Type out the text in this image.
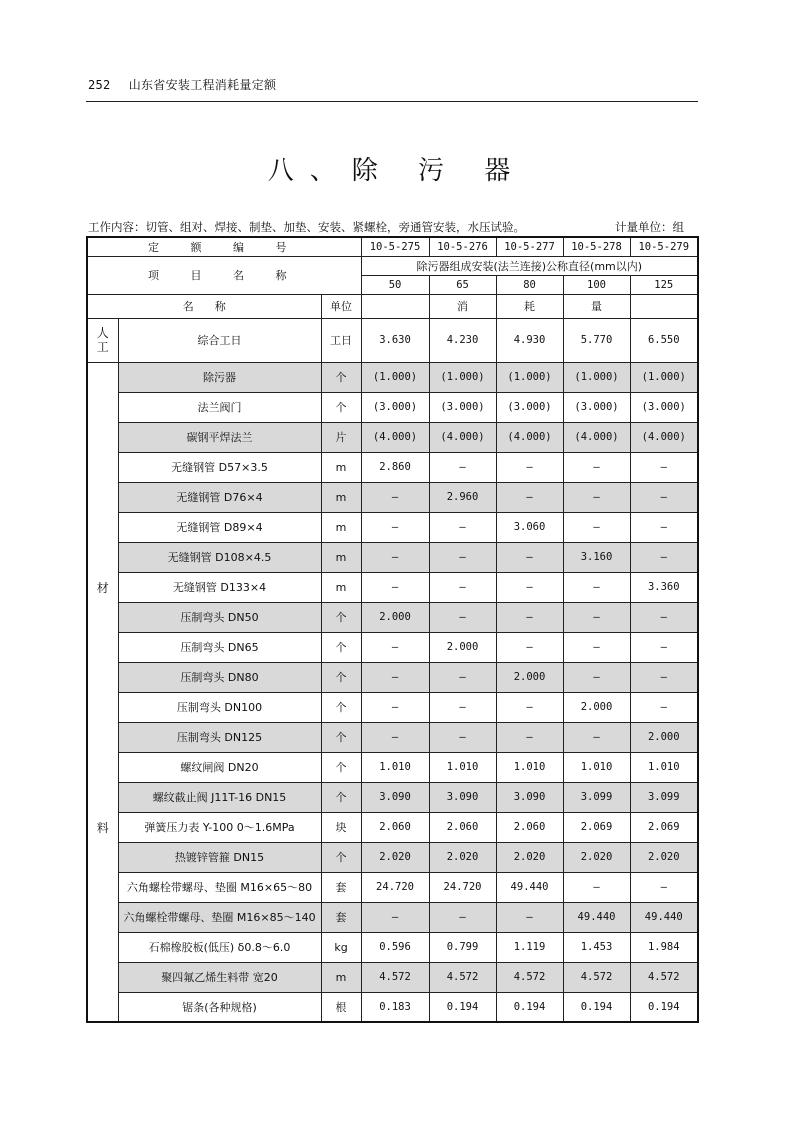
252 山东省安装工程消耗量定额
八、除 污 器
工作内容：切管、组对、焊接、制垫、加垫、安装、紧螺栓，旁通管安装，水压试验。	计量单位：组
定 额 编 号			10-5-275	10-5-276	10-5-277	10-5-278	10-5-279
项 目 名 称			除污器组成安装(法兰连接)公称直径(mm以内)				
			50	65	80	100	125
名      称		单位		消	耗	量	

人
工	综合工日	工日	3.630	4.230	4.930	5.770	6.550

材
料	除污器	个	(1.000)	(1.000)	(1.000)	(1.000)	(1.000)
	法兰阀门	个	(3.000)	(3.000)	(3.000)	(3.000)	(3.000)
	碳钢平焊法兰	片	(4.000)	(4.000)	(4.000)	(4.000)	(4.000)
	无缝钢管 D57×3.5	m	2.860	—	—	—	—
	无缝钢管 D76×4	m	—	2.960	—	—	—
	无缝钢管 D89×4	m	—	—	3.060	—	—
	无缝钢管 D108×4.5	m	—	—	—	3.160	—
	无缝钢管 D133×4	m	—	—	—	—	3.360
	压制弯头 DN50	个	2.000	—	—	—	—
	压制弯头 DN65	个	—	2.000	—	—	—
	压制弯头 DN80	个	—	—	2.000	—	—
	压制弯头 DN100	个	—	—	—	2.000	—
	压制弯头 DN125	个	—	—	—	—	2.000
	螺纹闸阀 DN20	个	1.010	1.010	1.010	1.010	1.010
	螺纹截止阀 J11T-16 DN15	个	3.090	3.090	3.090	3.099	3.099
	弹簧压力表 Y-100 0～1.6MPa	块	2.060	2.060	2.060	2.069	2.069
	热镀锌管箍 DN15	个	2.020	2.020	2.020	2.020	2.020
	六角螺栓带螺母、垫圈 M16×65～80	套	24.720	24.720	49.440	—	—
	六角螺栓带螺母、垫圈 M16×85～140	套	—	—	—	49.440	49.440
	石棉橡胶板(低压) δ0.8～6.0	kg	0.596	0.799	1.119	1.453	1.984
	聚四氟乙烯生料带 宽20	m	4.572	4.572	4.572	4.572	4.572
	锯条(各种规格)	根	0.183	0.194	0.194	0.194	0.194
